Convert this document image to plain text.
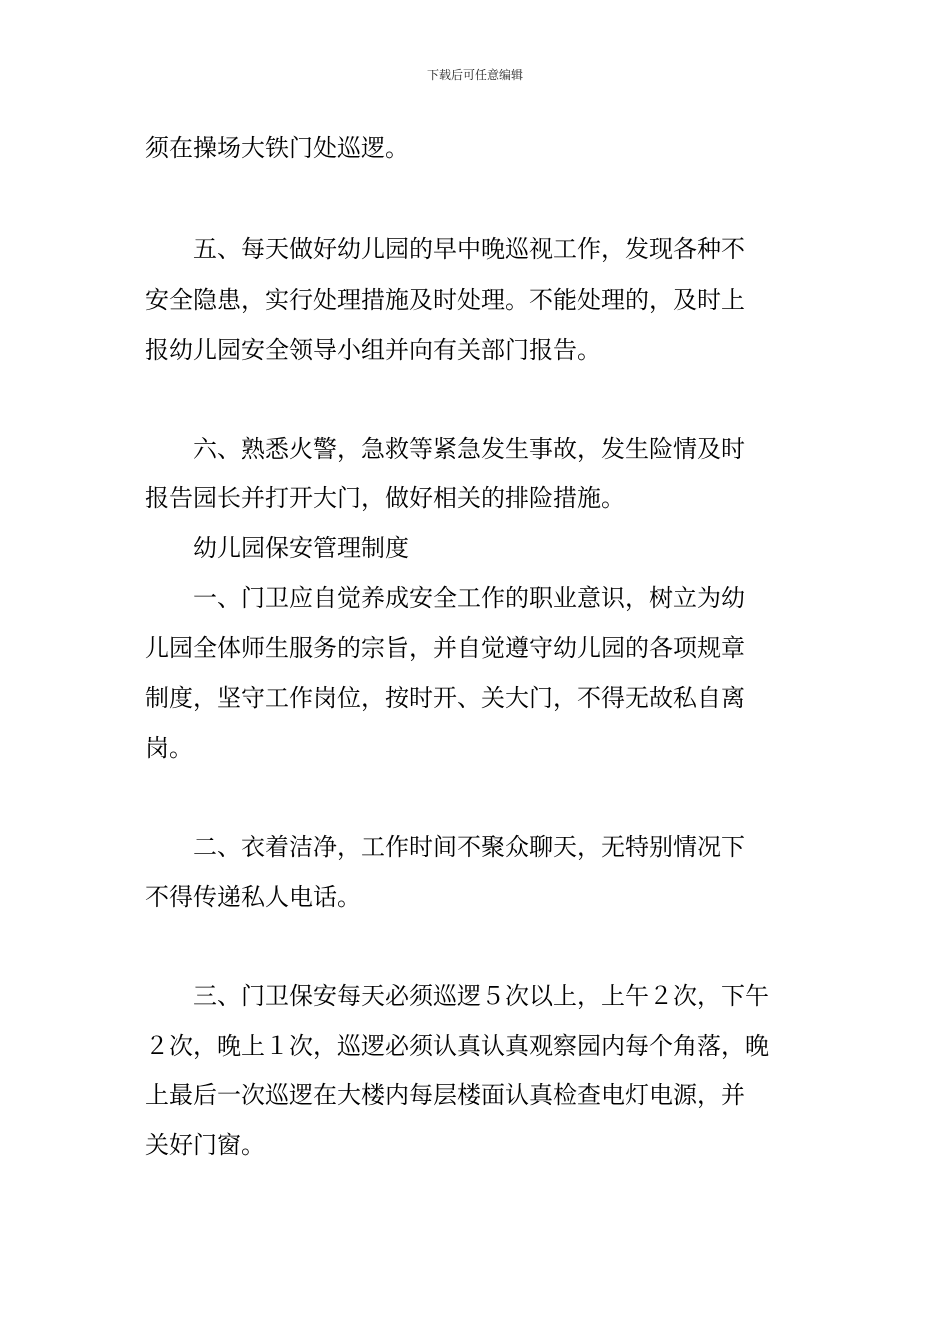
下载后可任意编辑
须在操场大铁门处巡逻。
　　五、每天做好幼儿园的早中晚巡视工作，发现各种不
安全隐患，实行处理措施及时处理。不能处理的，及时上
报幼儿园安全领导小组并向有关部门报告。
　　六、熟悉火警，急救等紧急发生事故，发生险情及时
报告园长并打开大门，做好相关的排险措施。
　　幼儿园保安管理制度
　　一、门卫应自觉养成安全工作的职业意识，树立为幼
儿园全体师生服务的宗旨，并自觉遵守幼儿园的各项规章
制度，坚守工作岗位，按时开、关大门，不得无故私自离
岗。
　　二、衣着洁净，工作时间不聚众聊天，无特别情况下
不得传递私人电话。
　　三、门卫保安每天必须巡逻５次以上，上午２次，下午
２次，晚上１次，巡逻必须认真认真观察园内每个角落，晚
上最后一次巡逻在大楼内每层楼面认真检查电灯电源，并
关好门窗。
